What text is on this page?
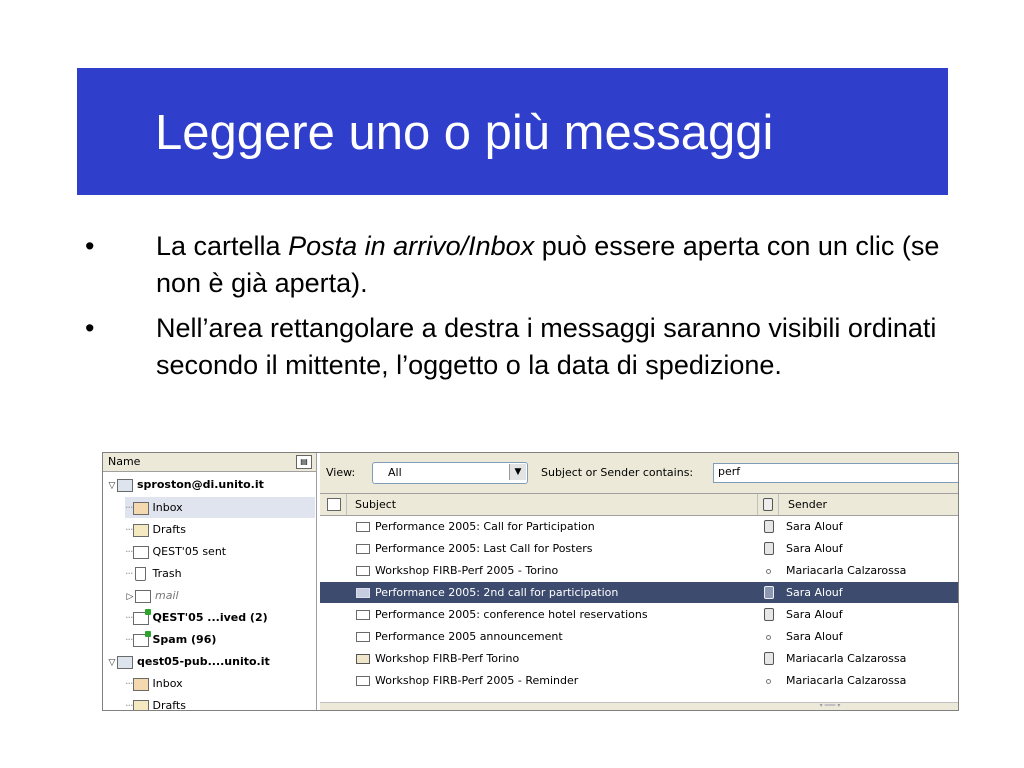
Leggere uno o più messaggi
• La cartella Posta in arrivo/Inbox può essere aperta con un clic (se non è già aperta).
• Nell’area rettangolare a destra i messaggi saranno visibili ordinati secondo il mittente, l’oggetto o la data di spedizione.
Name	▤
▽ sproston@di.unito.it
··· Inbox
··· Drafts
··· QEST'05 sent
··· Trash
▷ mail
··· QEST'05 ...ived (2)
··· Spam (96)
▽ qest05-pub....unito.it
··· Inbox
··· Drafts
View:	All	▼	Subject or Sender contains:
perf
Subject	Sender
Performance 2005: Call for Participation	Sara Alouf
Performance 2005: Last Call for Posters	Sara Alouf
Workshop FIRB-Perf 2005 - Torino	Mariacarla Calzarossa
Performance 2005: 2nd call for participation	Sara Alouf
Performance 2005: conference hotel reservations	Sara Alouf
Performance 2005 announcement	Sara Alouf
Workshop FIRB-Perf Torino	Mariacarla Calzarossa
Workshop FIRB-Perf 2005 - Reminder	Mariacarla Calzarossa
▾ ═══ ▾
